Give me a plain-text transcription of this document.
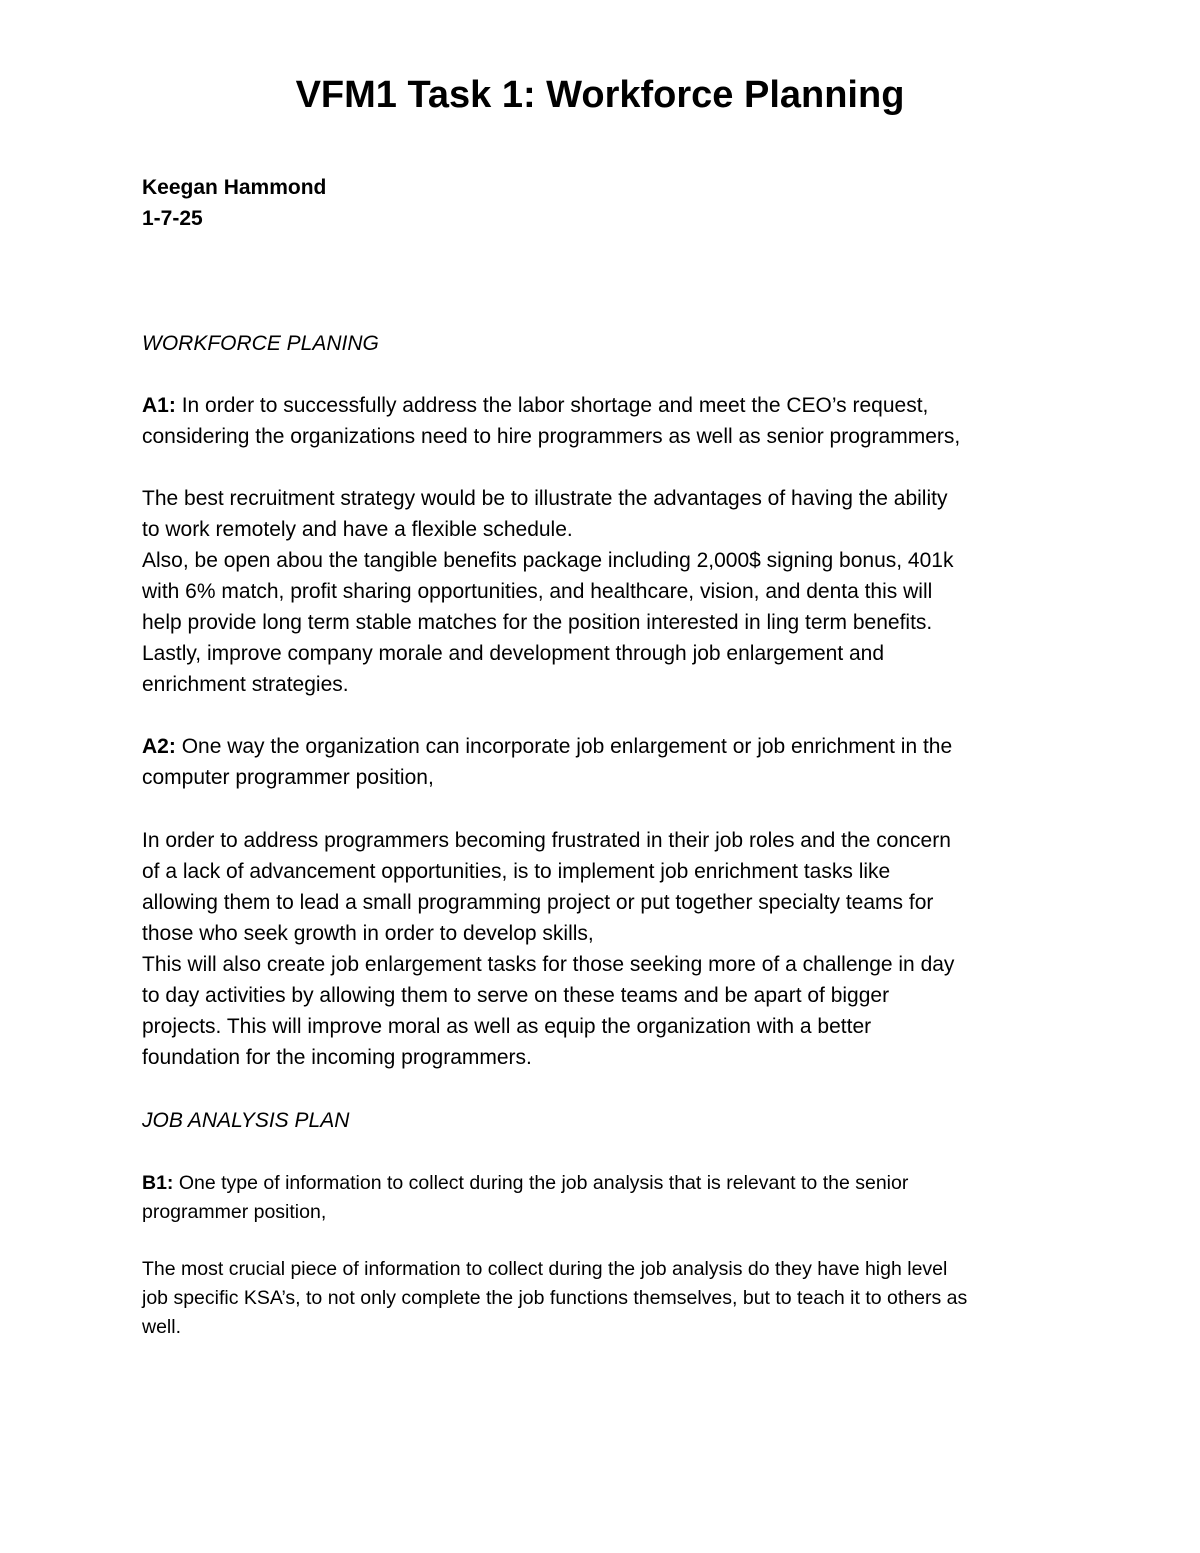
VFM1 Task 1: Workforce Planning

Keegan Hammond

1-7-25

WORKFORCE PLANING

A1: In order to successfully address the labor shortage and meet the CEO’s request,

considering the organizations need to hire programmers as well as senior programmers,

The best recruitment strategy would be to illustrate the advantages of having the ability

to work remotely and have a flexible schedule.

Also, be open abou the tangible benefits package including 2,000$ signing bonus, 401k

with 6% match, profit sharing opportunities, and healthcare, vision, and denta this will

help provide long term stable matches for the position interested in ling term benefits.

Lastly, improve company morale and development through job enlargement and

enrichment strategies.

A2: One way the organization can incorporate job enlargement or job enrichment in the

computer programmer position,

In order to address programmers becoming frustrated in their job roles and the concern

of a lack of advancement opportunities, is to implement job enrichment tasks like

allowing them to lead a small programming project or put together specialty teams for

those who seek growth in order to develop skills,

This will also create job enlargement tasks for those seeking more of a challenge in day

to day activities by allowing them to serve on these teams and be apart of bigger

projects. This will improve moral as well as equip the organization with a better

foundation for the incoming programmers.

JOB ANALYSIS PLAN

B1: One type of information to collect during the job analysis that is relevant to the senior

programmer position,

The most crucial piece of information to collect during the job analysis do they have high level

job specific KSA’s, to not only complete the job functions themselves, but to teach it to others as

well.
